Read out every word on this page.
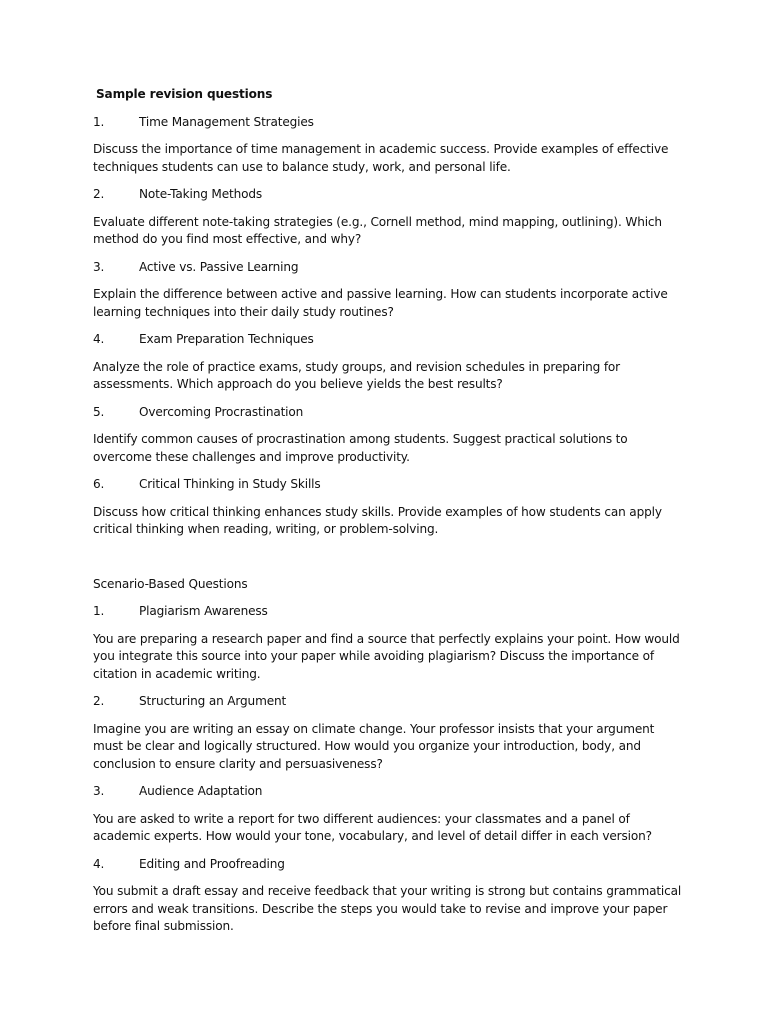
Sample revision questions
1.	Time Management Strategies
Discuss the importance of time management in academic success. Provide examples of effective techniques students can use to balance study, work, and personal life.
2.	Note-Taking Methods
Evaluate different note-taking strategies (e.g., Cornell method, mind mapping, outlining). Which method do you find most effective, and why?
3.	Active vs. Passive Learning
Explain the difference between active and passive learning. How can students incorporate active learning techniques into their daily study routines?
4.	Exam Preparation Techniques
Analyze the role of practice exams, study groups, and revision schedules in preparing for assessments. Which approach do you believe yields the best results?
5.	Overcoming Procrastination
Identify common causes of procrastination among students. Suggest practical solutions to overcome these challenges and improve productivity.
6.	Critical Thinking in Study Skills
Discuss how critical thinking enhances study skills. Provide examples of how students can apply critical thinking when reading, writing, or problem-solving.
Scenario-Based Questions
1.	Plagiarism Awareness
You are preparing a research paper and find a source that perfectly explains your point. How would you integrate this source into your paper while avoiding plagiarism? Discuss the importance of citation in academic writing.
2.	Structuring an Argument
Imagine you are writing an essay on climate change. Your professor insists that your argument must be clear and logically structured. How would you organize your introduction, body, and conclusion to ensure clarity and persuasiveness?
3.	Audience Adaptation
You are asked to write a report for two different audiences: your classmates and a panel of academic experts. How would your tone, vocabulary, and level of detail differ in each version?
4.	Editing and Proofreading
You submit a draft essay and receive feedback that your writing is strong but contains grammatical errors and weak transitions. Describe the steps you would take to revise and improve your paper before final submission.
